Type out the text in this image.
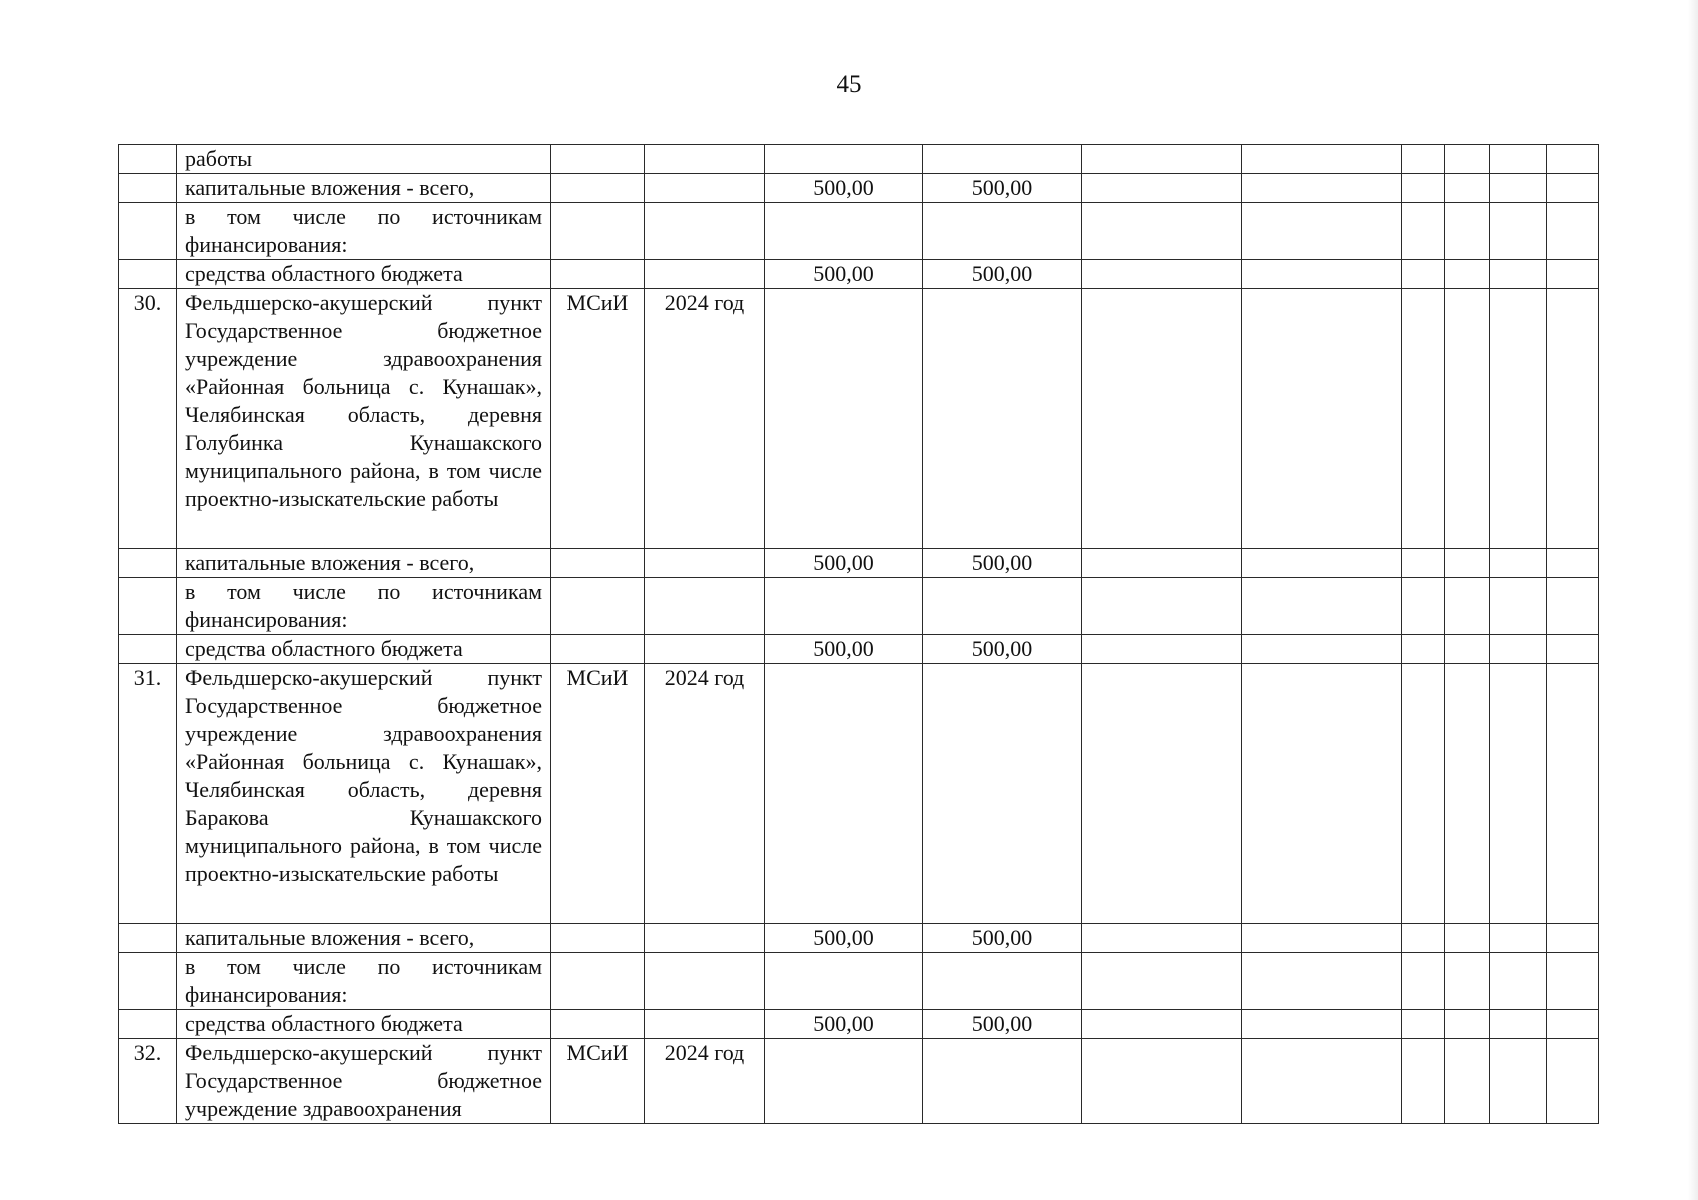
45
	работы										
	капитальные вложения - всего,			500,00	500,00						

	в том числе по источникам
финансирования:										

	средства областного бюджета			500,00	500,00						
30.	Фельдшерско-акушерский пункт Государственное бюджетное учреждение здравоохранения «Районная больница с. Кунашак», Челябинская область, деревня Голубинка Кунашакского муниципального района, в том числе проектно-изыскательские работы	МСиИ	2024 год								
	капитальные вложения - всего,			500,00	500,00						

	в том числе по источникам
финансирования:										

	средства областного бюджета			500,00	500,00						
31.	Фельдшерско-акушерский пункт Государственное бюджетное учреждение здравоохранения «Районная больница с. Кунашак», Челябинская область, деревня Баракова Кунашакского муниципального района, в том числе проектно-изыскательские работы	МСиИ	2024 год								
	капитальные вложения - всего,			500,00	500,00						

	в том числе по источникам
финансирования:										

	средства областного бюджета			500,00	500,00						
32.	Фельдшерско-акушерский пункт Государственное бюджетное учреждение здравоохранения	МСиИ	2024 год								
